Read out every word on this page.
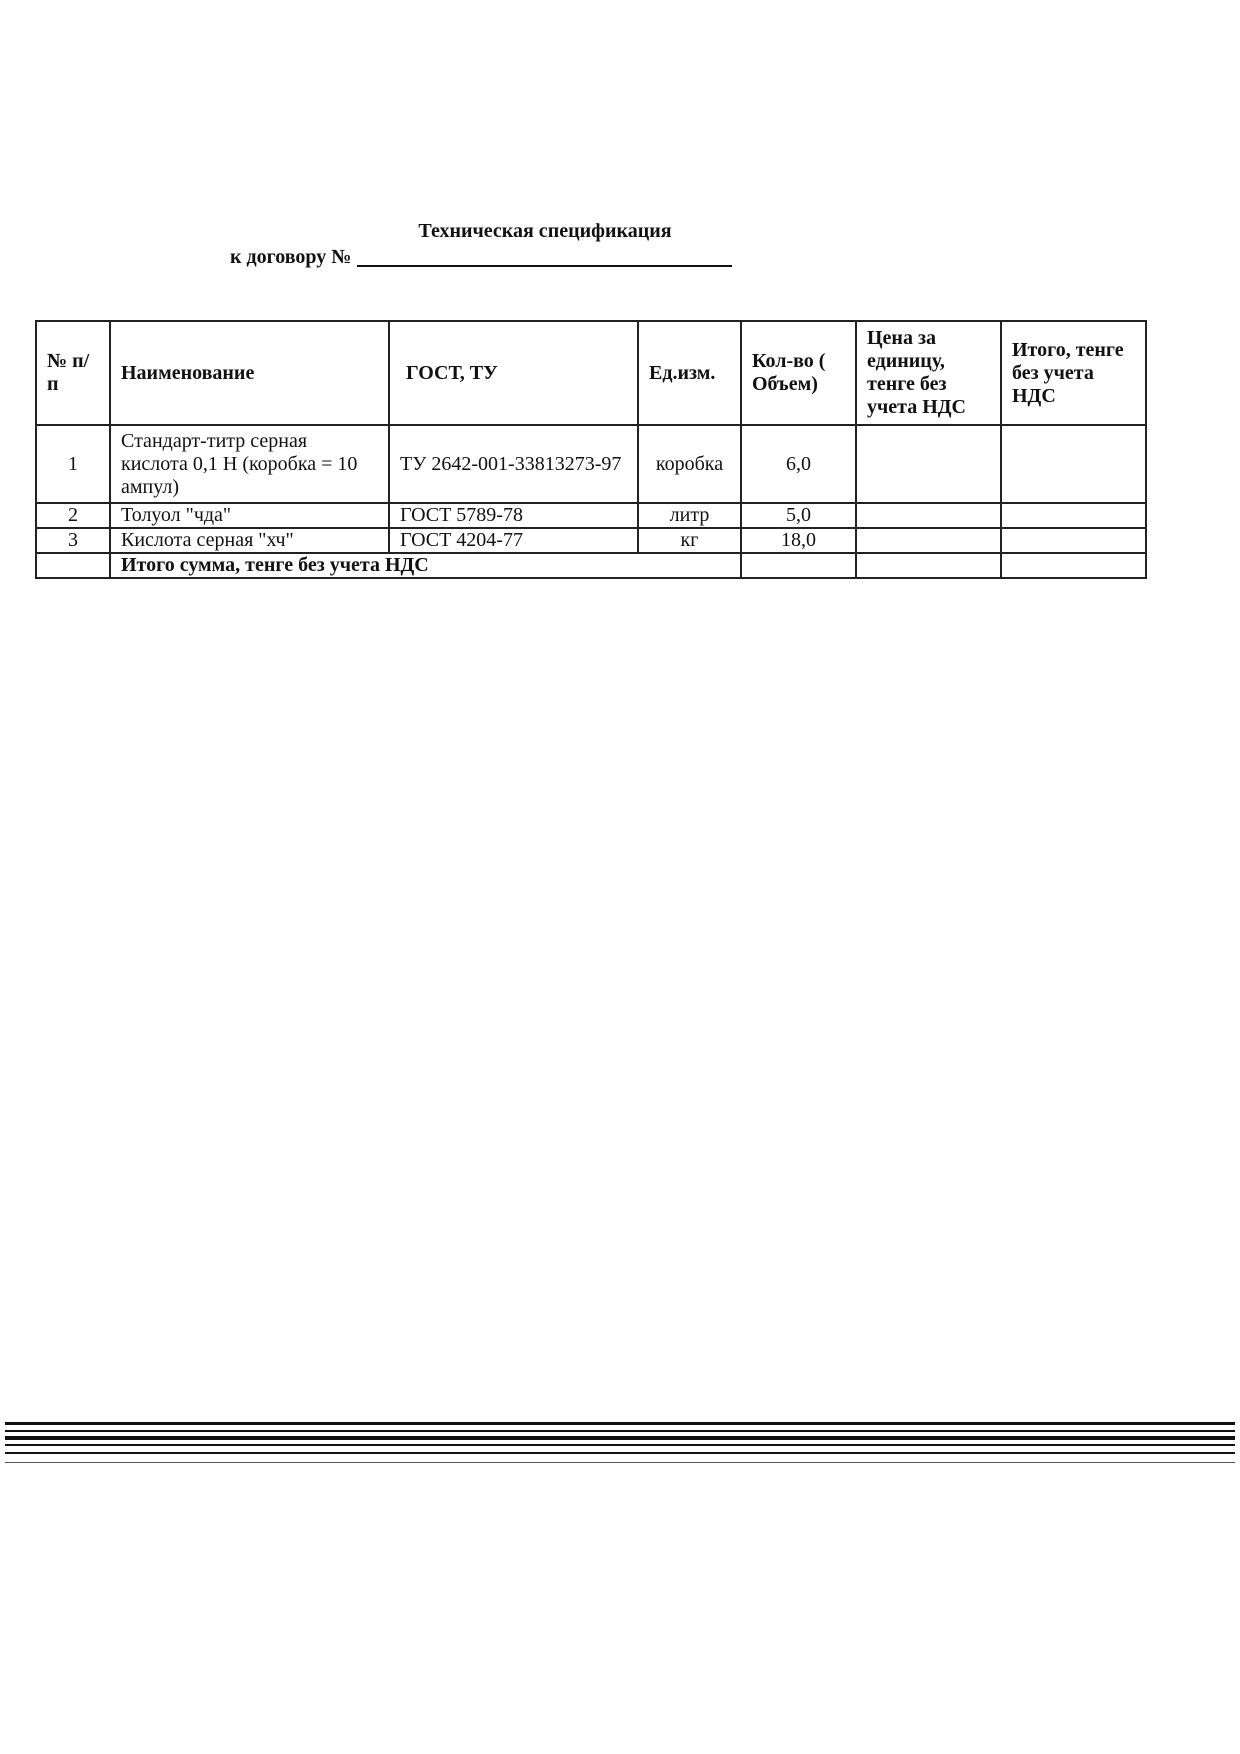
Техническая спецификация
к договору №
№ п/п	Наименование	ГОСТ, ТУ	Ед.изм.	Кол-во ( Объем)	Цена за единицу, тенге без учета НДС	Итого, тенге без учета НДС
1	Стандарт-титр серная кислота 0,1 Н (коробка = 10 ампул)	ТУ 2642-001-33813273-97	коробка	6,0		
2	Толуол "чда"	ГОСТ 5789-78	литр	5,0		
3	Кислота серная "хч"	ГОСТ 4204-77	кг	18,0		
	Итого сумма, тенге без учета НДС					
